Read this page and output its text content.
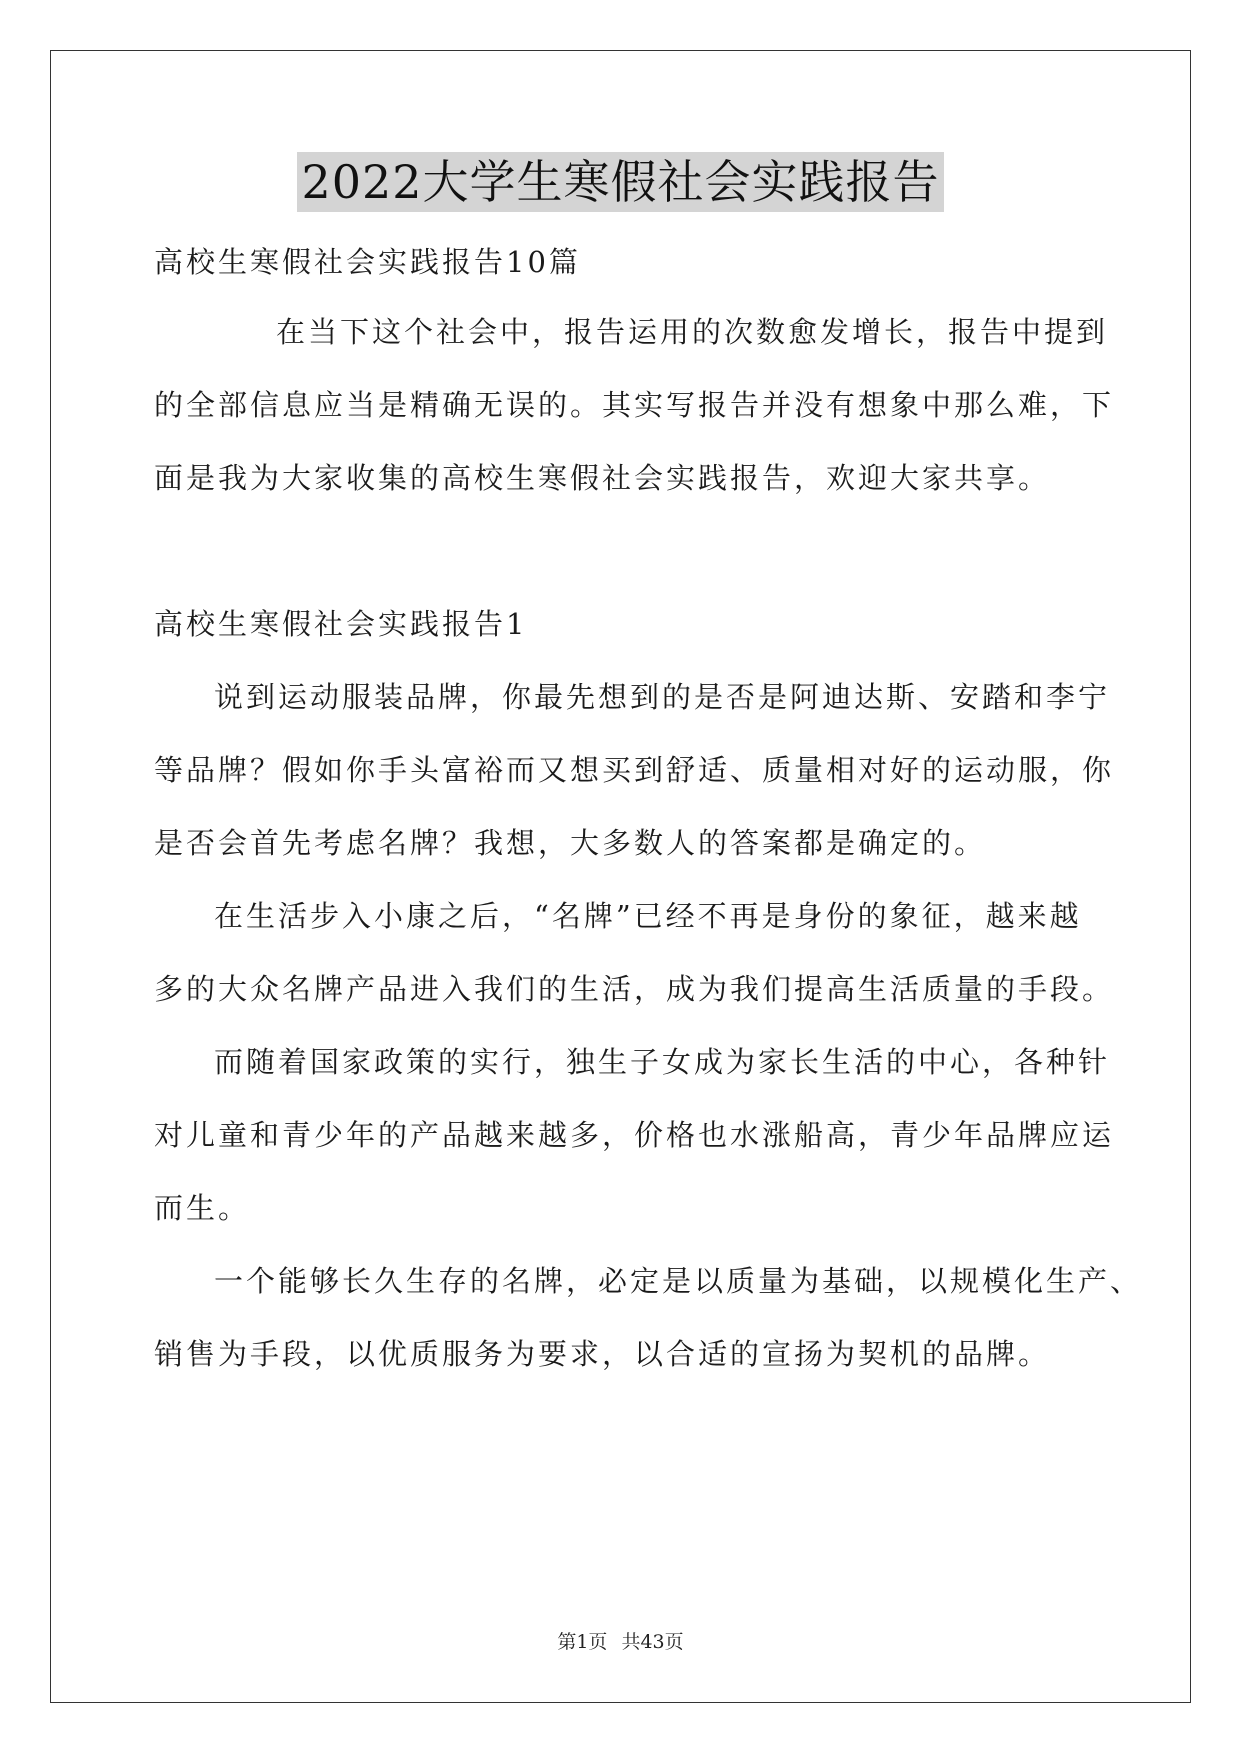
2022大学生寒假社会实践报告
高校生寒假社会实践报告10篇
在当下这个社会中，报告运用的次数愈发增长，报告中提到
的全部信息应当是精确无误的。其实写报告并没有想象中那么难，下
面是我为大家收集的高校生寒假社会实践报告，欢迎大家共享。
高校生寒假社会实践报告1
说到运动服装品牌，你最先想到的是否是阿迪达斯、安踏和李宁
等品牌？假如你手头富裕而又想买到舒适、质量相对好的运动服，你
是否会首先考虑名牌？我想，大多数人的答案都是确定的。
在生活步入小康之后，“名牌”已经不再是身份的象征，越来越
多的大众名牌产品进入我们的生活，成为我们提高生活质量的手段。
而随着国家政策的实行，独生子女成为家长生活的中心，各种针
对儿童和青少年的产品越来越多，价格也水涨船高，青少年品牌应运
而生。
一个能够长久生存的名牌，必定是以质量为基础，以规模化生产、
销售为手段，以优质服务为要求，以合适的宣扬为契机的品牌。
第1页 共43页
